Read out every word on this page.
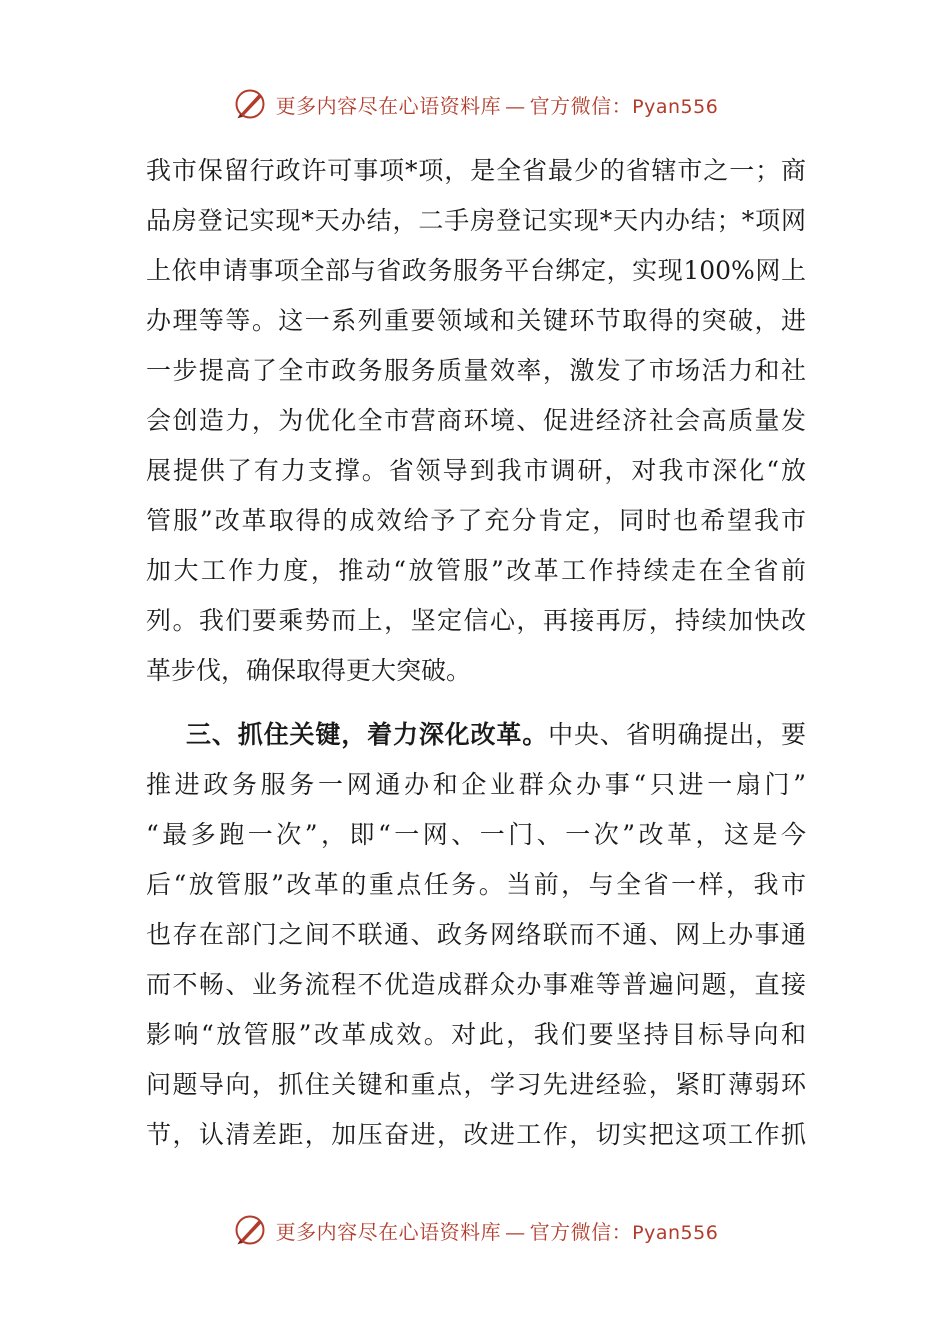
更多内容尽在心语资料库 — 官方微信：Pyan556
我市保留行政许可事项*项，是全省最少的省辖市之一；商
品房登记实现*天办结，二手房登记实现*天内办结；*项网
上依申请事项全部与省政务服务平台绑定，实现100%网上
办理等等。这一系列重要领域和关键环节取得的突破，进
一步提高了全市政务服务质量效率，激发了市场活力和社
会创造力，为优化全市营商环境、促进经济社会高质量发
展提供了有力支撑。省领导到我市调研，对我市深化“放
管服”改革取得的成效给予了充分肯定，同时也希望我市
加大工作力度，推动“放管服”改革工作持续走在全省前
列。我们要乘势而上，坚定信心，再接再厉，持续加快改
革步伐，确保取得更大突破。
三、抓住关键，着力深化改革。中央、省明确提出，要
推进政务服务一网通办和企业群众办事“只进一扇门”
“最多跑一次”，即“一网、一门、一次”改革，这是今
后“放管服”改革的重点任务。当前，与全省一样，我市
也存在部门之间不联通、政务网络联而不通、网上办事通
而不畅、业务流程不优造成群众办事难等普遍问题，直接
影响“放管服”改革成效。对此，我们要坚持目标导向和
问题导向，抓住关键和重点，学习先进经验，紧盯薄弱环
节，认清差距，加压奋进，改进工作，切实把这项工作抓
更多内容尽在心语资料库 — 官方微信：Pyan556
